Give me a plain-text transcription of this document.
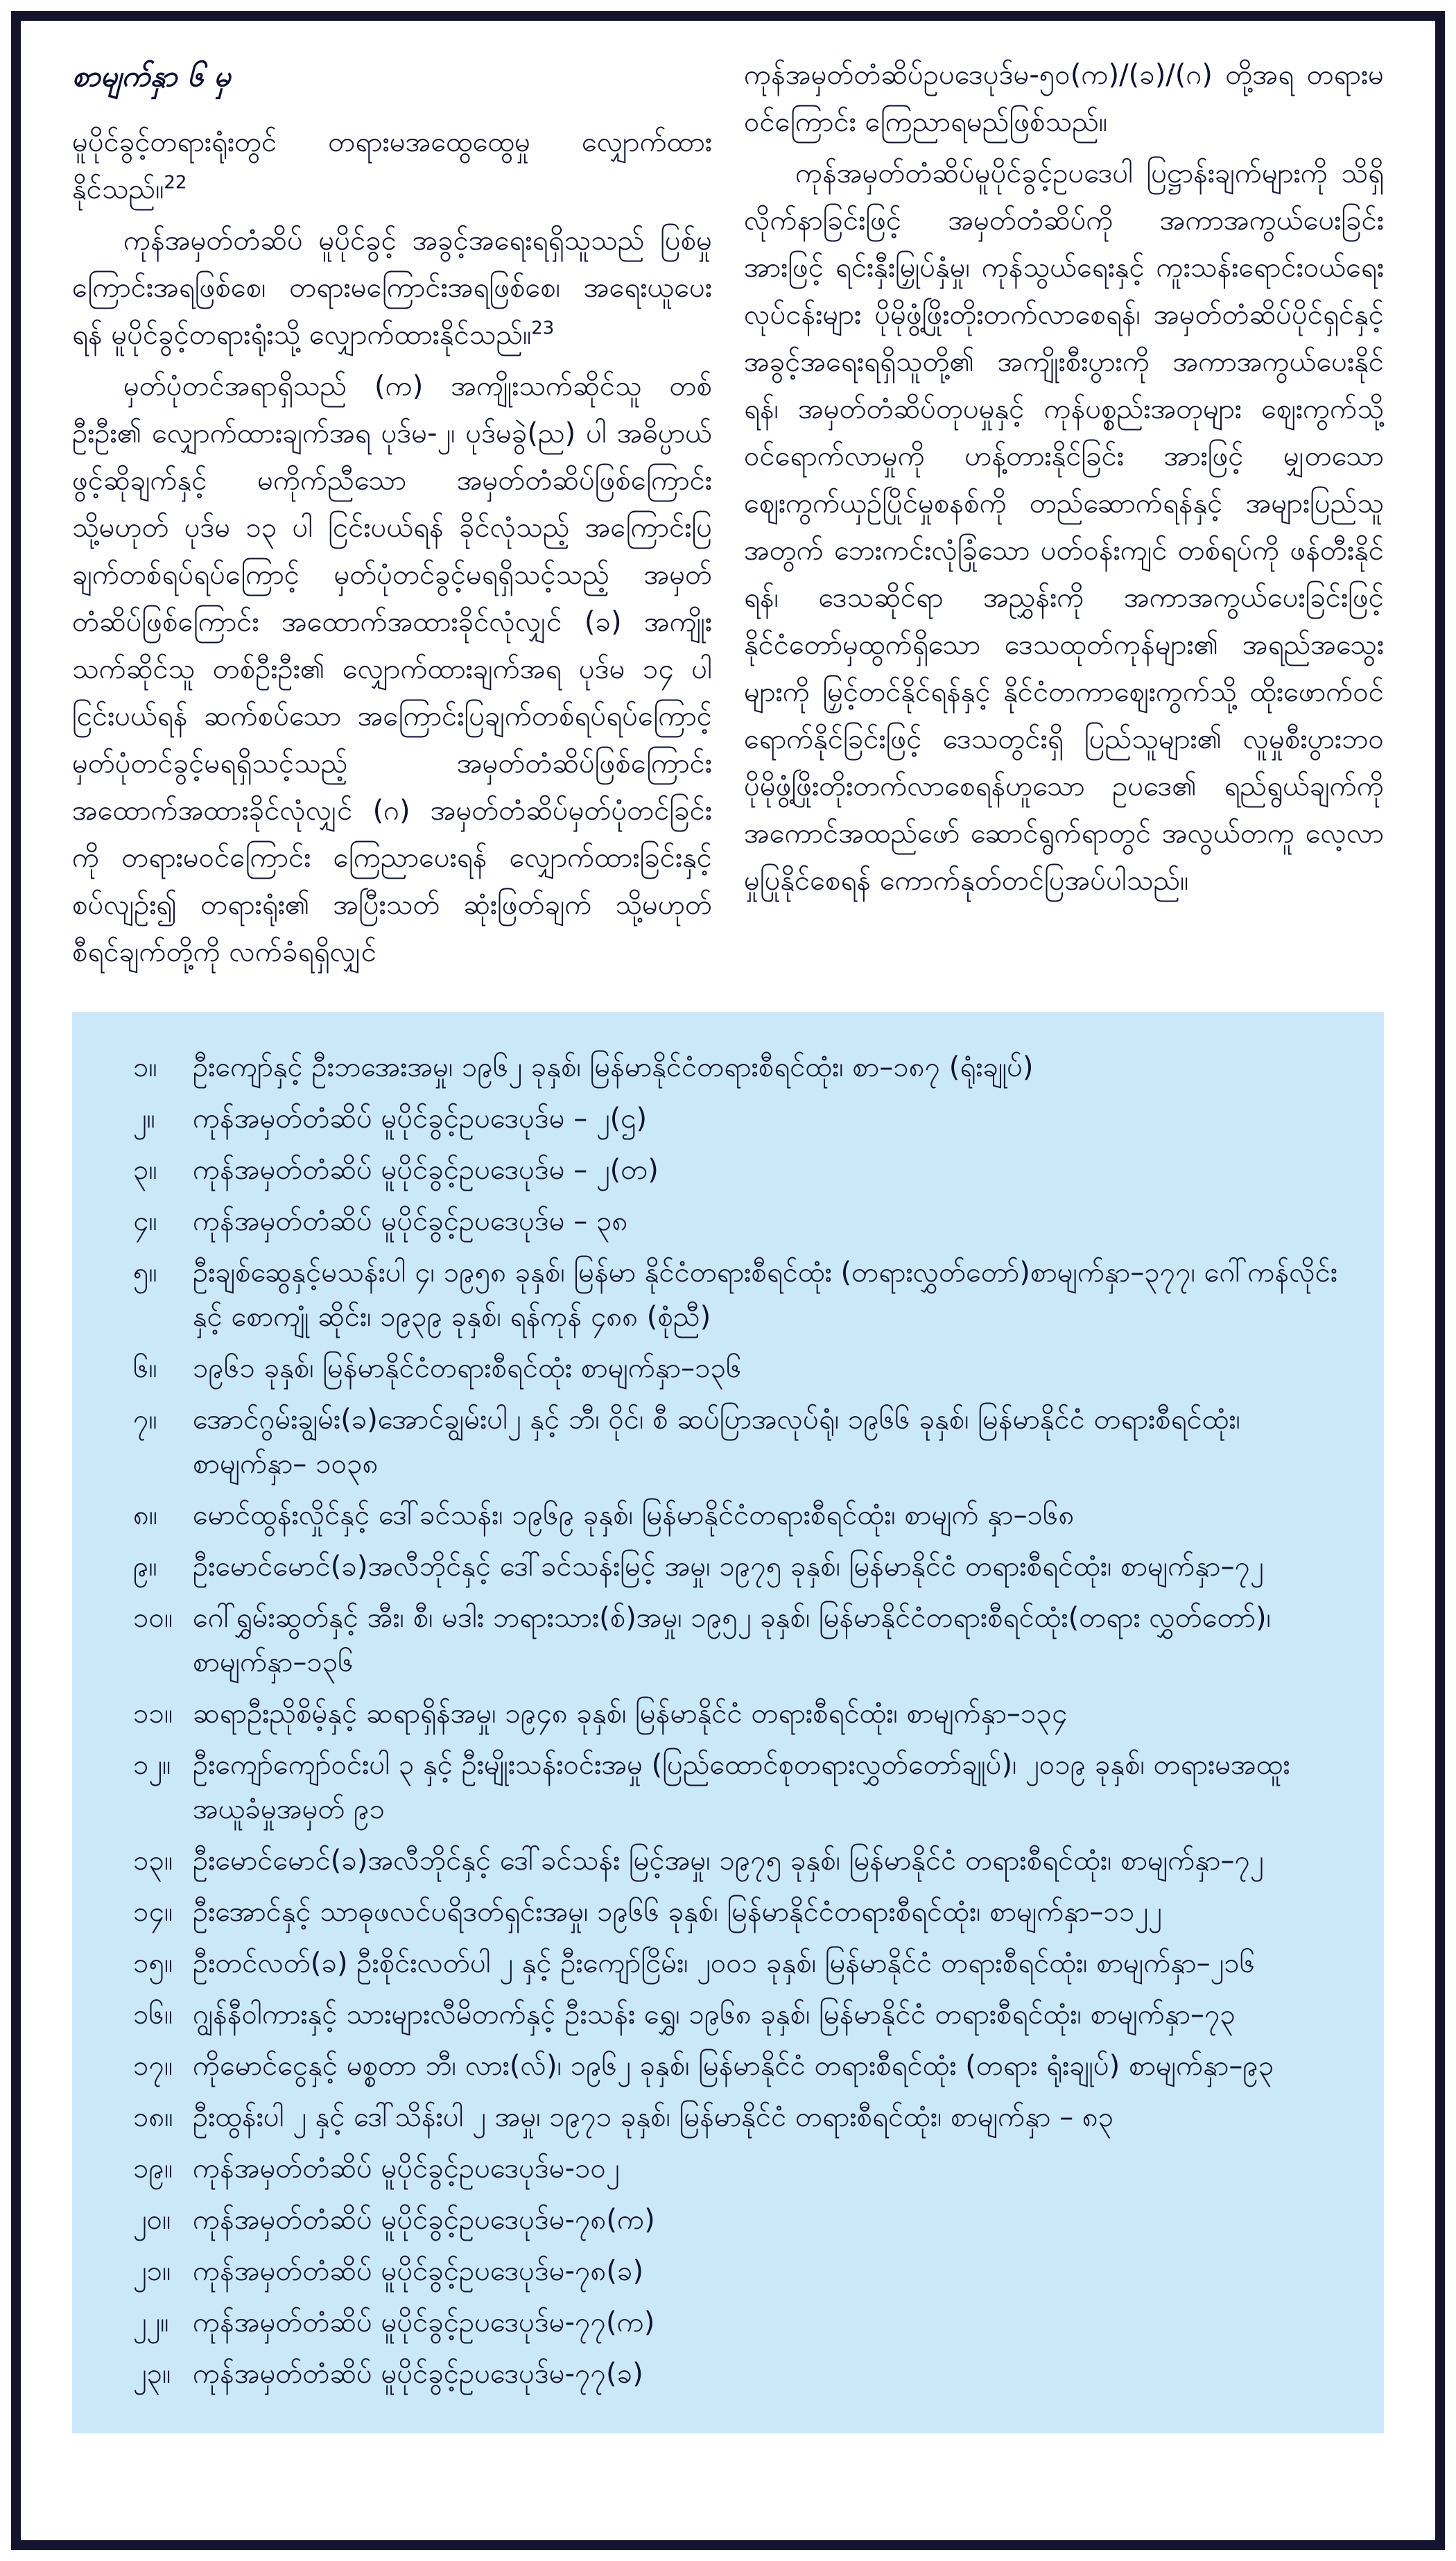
စာမျက်နှာ ၆ မှ

မူပိုင်ခွင့်တရားရုံးတွင် တရားမအထွေထွေမှု လျှောက်ထားနိုင်သည်။$^{22}$

ကုန်အမှတ်တံဆိပ် မူပိုင်ခွင့် အခွင့်အရေးရရှိသူသည် ပြစ်မှုကြောင်းအရဖြစ်စေ၊ တရားမကြောင်းအရဖြစ်စေ၊ အရေးယူပေးရန် မူပိုင်ခွင့်တရားရုံးသို့ လျှောက်ထားနိုင်သည်။$^{23}$

မှတ်ပုံတင်အရာရှိသည် (က) အကျိုးသက်ဆိုင်သူ တစ်ဦးဦး၏ လျှောက်ထားချက်အရ ပုဒ်မ-၂၊ ပုဒ်မခွဲ(ည) ပါ အဓိပ္ပာယ်ဖွင့်ဆိုချက်နှင့် မကိုက်ညီသော အမှတ်တံဆိပ်ဖြစ်ကြောင်း သို့မဟုတ် ပုဒ်မ ၁၃ ပါ ငြင်းပယ်ရန် ခိုင်လုံသည့် အကြောင်းပြချက်တစ်ရပ်ရပ်ကြောင့် မှတ်ပုံတင်ခွင့်မရရှိသင့်သည့် အမှတ်တံဆိပ်ဖြစ်ကြောင်း အထောက်အထားခိုင်လုံလျှင် (ခ) အကျိုးသက်ဆိုင်သူ တစ်ဦးဦး၏ လျှောက်ထားချက်အရ ပုဒ်မ ၁၄ ပါ ငြင်းပယ်ရန် ဆက်စပ်သော အကြောင်းပြချက်တစ်ရပ်ရပ်ကြောင့် မှတ်ပုံတင်ခွင့်မရရှိသင့်သည့် အမှတ်တံဆိပ်ဖြစ်ကြောင်း အထောက်အထားခိုင်လုံလျှင် (ဂ) အမှတ်တံဆိပ်မှတ်ပုံတင်ခြင်းကို တရားမဝင်ကြောင်း ကြေညာပေးရန် လျှောက်ထားခြင်းနှင့်စပ်လျဉ်း၍ တရားရုံး၏ အပြီးသတ် ဆုံးဖြတ်ချက် သို့မဟုတ် စီရင်ချက်တို့ကို လက်ခံရရှိလျှင်

ကုန်အမှတ်တံဆိပ်ဥပဒေပုဒ်မ-၅၀(က)/(ခ)/(ဂ) တို့အရ တရားမဝင်ကြောင်း ကြေညာရမည်ဖြစ်သည်။

ကုန်အမှတ်တံဆိပ်မူပိုင်ခွင့်ဥပဒေပါ ပြဋ္ဌာန်းချက်များကို သိရှိလိုက်နာခြင်းဖြင့် အမှတ်တံဆိပ်ကို အကာအကွယ်ပေးခြင်းအားဖြင့် ရင်းနှီးမြှုပ်နှံမှု၊ ကုန်သွယ်ရေးနှင့် ကူးသန်းရောင်းဝယ်ရေးလုပ်ငန်းများ ပိုမိုဖွံ့ဖြိုးတိုးတက်လာစေရန်၊ အမှတ်တံဆိပ်ပိုင်ရှင်နှင့် အခွင့်အရေးရရှိသူတို့၏ အကျိုးစီးပွားကို အကာအကွယ်ပေးနိုင်ရန်၊ အမှတ်တံဆိပ်တုပမှုနှင့် ကုန်ပစ္စည်းအတုများ ဈေးကွက်သို့ ဝင်ရောက်လာမှုကို ဟန့်တားနိုင်ခြင်း အားဖြင့် မျှတသော ဈေးကွက်ယှဉ်ပြိုင်မှုစနစ်ကို တည်ဆောက်ရန်နှင့် အများပြည်သူအတွက် ဘေးကင်းလုံခြုံသော ပတ်ဝန်းကျင် တစ်ရပ်ကို ဖန်တီးနိုင်ရန်၊ ဒေသဆိုင်ရာ အညွှန်းကို အကာအကွယ်ပေးခြင်းဖြင့် နိုင်ငံတော်မှထွက်ရှိသော ဒေသထုတ်ကုန်များ၏ အရည်အသွေးများကို မြှင့်တင်နိုင်ရန်နှင့် နိုင်ငံတကာဈေးကွက်သို့ ထိုးဖောက်ဝင်ရောက်နိုင်ခြင်းဖြင့် ဒေသတွင်းရှိ ပြည်သူများ၏ လူမှုစီးပွားဘဝ ပိုမိုဖွံ့ဖြိုးတိုးတက်လာစေရန်ဟူသော ဥပဒေ၏ ရည်ရွယ်ချက်ကို အကောင်အထည်ဖော် ဆောင်ရွက်ရာတွင် အလွယ်တကူ လေ့လာမှုပြုနိုင်စေရန် ကောက်နုတ်တင်ပြအပ်ပါသည်။

၁။	ဦးကျော်နှင့် ဦးဘအေးအမှု၊ ၁၉၆၂ ခုနှစ်၊ မြန်မာနိုင်ငံတရားစီရင်ထုံး၊ စာ–၁၈၇ (ရုံးချုပ်)
၂။	ကုန်အမှတ်တံဆိပ် မူပိုင်ခွင့်ဥပဒေပုဒ်မ – ၂(ဌ)
၃။	ကုန်အမှတ်တံဆိပ် မူပိုင်ခွင့်ဥပဒေပုဒ်မ – ၂(တ)
၄။	ကုန်အမှတ်တံဆိပ် မူပိုင်ခွင့်ဥပဒေပုဒ်မ – ၃၈
၅။	ဦးချစ်ဆွေနှင့်မသန်းပါ ၄၊ ၁၉၅၈ ခုနှစ်၊ မြန်မာ နိုင်ငံတရားစီရင်ထုံး (တရားလွှတ်တော်)စာမျက်နှာ–၃၇၇၊ ဂေါ်ကန်လိုင်းနှင့် စောကျုံ ဆိုင်း၊ ၁၉၃၉ ခုနှစ်၊ ရန်ကုန် ၄၈၈ (စုံညီ)
၆။	၁၉၆၁ ခုနှစ်၊ မြန်မာနိုင်ငံတရားစီရင်ထုံး စာမျက်နှာ–၁၃၆
၇။	အောင်ဂွမ်းချွမ်း(ခ)အောင်ချွမ်းပါ၂ နှင့် ဘီ၊ ဝိုင်၊ စီ ဆပ်ပြာအလုပ်ရုံ၊ ၁၉၆၆ ခုနှစ်၊ မြန်မာနိုင်ငံ တရားစီရင်ထုံး၊ စာမျက်နှာ– ၁၀၃၈
၈။	မောင်ထွန်းလှိုင်နှင့် ဒေါ်ခင်သန်း၊ ၁၉၆၉ ခုနှစ်၊ မြန်မာနိုင်ငံတရားစီရင်ထုံး၊ စာမျက် နှာ–၁၆၈
၉။	ဦးမောင်မောင်(ခ)အလီဘိုင်နှင့် ဒေါ်ခင်သန်းမြင့် အမှု၊ ၁၉၇၅ ခုနှစ်၊ မြန်မာနိုင်ငံ တရားစီရင်ထုံး၊ စာမျက်နှာ–၇၂
၁၀။ ဂေါ်ရွှမ်းဆွတ်နှင့် အီး၊ စီ၊ မဒါး ဘရားသား(စ်)အမှု၊ ၁၉၅၂ ခုနှစ်၊ မြန်မာနိုင်ငံတရားစီရင်ထုံး(တရား လွှတ်တော်)၊ စာမျက်နှာ–၁၃၆
၁၁။ ဆရာဦးညိုစိမ့်နှင့် ဆရာရှိန်အမှု၊ ၁၉၄၈ ခုနှစ်၊ မြန်မာနိုင်ငံ တရားစီရင်ထုံး၊ စာမျက်နှာ–၁၃၄
၁၂။ ဦးကျော်ကျော်ဝင်းပါ ၃ နှင့် ဦးမျိုးသန်းဝင်းအမှု (ပြည်ထောင်စုတရားလွှတ်တော်ချုပ်)၊ ၂၀၁၉ ခုနှစ်၊ တရားမအထူးအယူခံမှုအမှတ် ၉၁
၁၃။ ဦးမောင်မောင်(ခ)အလီဘိုင်နှင့် ဒေါ်ခင်သန်း မြင့်အမှု၊ ၁၉၇၅ ခုနှစ်၊ မြန်မာနိုင်ငံ တရားစီရင်ထုံး၊ စာမျက်နှာ–၇၂
၁၄။ ဦးအောင်နှင့် သာဓုဖလင်ပရိဒတ်ရှင်းအမှု၊ ၁၉၆၆ ခုနှစ်၊ မြန်မာနိုင်ငံတရားစီရင်ထုံး၊ စာမျက်နှာ–၁၁၂၂
၁၅။ ဦးတင်လတ်(ခ) ဦးစိုင်းလတ်ပါ ၂ နှင့် ဦးကျော်ငြိမ်း၊ ၂၀၀၁ ခုနှစ်၊ မြန်မာနိုင်ငံ တရားစီရင်ထုံး၊ စာမျက်နှာ–၂၁၆
၁၆။ ဂျွန်နီဝါကားနှင့် သားများလီမိတက်နှင့် ဦးသန်း ရွှေ၊ ၁၉၆၈ ခုနှစ်၊ မြန်မာနိုင်ငံ တရားစီရင်ထုံး၊ စာမျက်နှာ–၇၃
၁၇။ ကိုမောင်ငွေနှင့် မစ္စတာ ဘီ၊ လား(လ်)၊ ၁၉၆၂ ခုနှစ်၊ မြန်မာနိုင်ငံ တရားစီရင်ထုံး (တရား ရုံးချုပ်) စာမျက်နှာ–၉၃
၁၈။ ဦးထွန်းပါ ၂ နှင့် ဒေါ်သိန်းပါ ၂ အမှု၊ ၁၉၇၁ ခုနှစ်၊ မြန်မာနိုင်ငံ တရားစီရင်ထုံး၊ စာမျက်နှာ – ၈၃
၁၉။ ကုန်အမှတ်တံဆိပ် မူပိုင်ခွင့်ဥပဒေပုဒ်မ-၁၀၂
၂၀။ ကုန်အမှတ်တံဆိပ် မူပိုင်ခွင့်ဥပဒေပုဒ်မ-၇၈(က)
၂၁။ ကုန်အမှတ်တံဆိပ် မူပိုင်ခွင့်ဥပဒေပုဒ်မ-၇၈(ခ)
၂၂။ ကုန်အမှတ်တံဆိပ် မူပိုင်ခွင့်ဥပဒေပုဒ်မ-၇၇(က)
၂၃။ ကုန်အမှတ်တံဆိပ် မူပိုင်ခွင့်ဥပဒေပုဒ်မ-၇၇(ခ)
